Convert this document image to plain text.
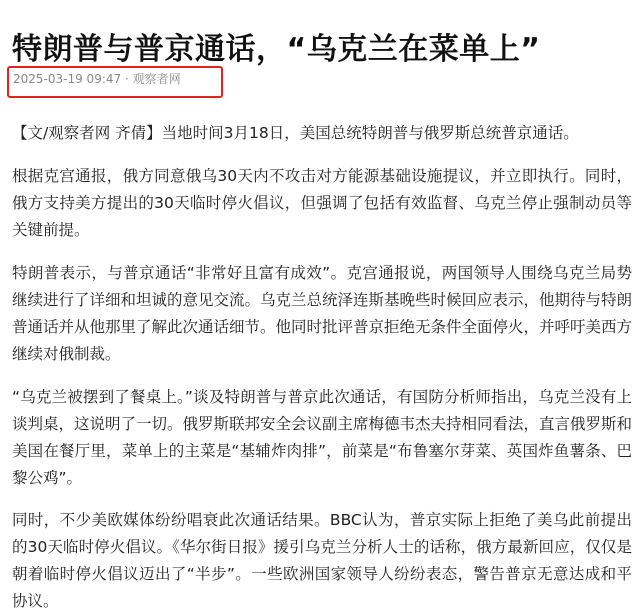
特朗普与普京通话，“乌克兰在菜单上”
2025-03-19 09:47 · 观察者网

【文/观察者网 齐倩】当地时间3月18日，美国总统特朗普与俄罗斯总统普京通话。

根据克宫通报，俄方同意俄乌30天内不攻击对方能源基础设施提议，并立即执行。同时，俄方支持美方提出的30天临时停火倡议，但强调了包括有效监督、乌克兰停止强制动员等关键前提。

特朗普表示，与普京通话“非常好且富有成效”。克宫通报说，两国领导人围绕乌克兰局势继续进行了详细和坦诚的意见交流。乌克兰总统泽连斯基晚些时候回应表示，他期待与特朗普通话并从他那里了解此次通话细节。他同时批评普京拒绝无条件全面停火，并呼吁美西方继续对俄制裁。

“乌克兰被摆到了餐桌上。”谈及特朗普与普京此次通话，有国防分析师指出，乌克兰没有上谈判桌，这说明了一切。俄罗斯联邦安全会议副主席梅德韦杰夫持相同看法，直言俄罗斯和美国在餐厅里，菜单上的主菜是“基辅炸肉排”，前菜是“布鲁塞尔芽菜、英国炸鱼薯条、巴黎公鸡”。

同时，不少美欧媒体纷纷唱衰此次通话结果。BBC认为，普京实际上拒绝了美乌此前提出的30天临时停火倡议。《华尔街日报》援引乌克兰分析人士的话称，俄方最新回应，仅仅是朝着临时停火倡议迈出了“半步”。一些欧洲国家领导人纷纷表态，警告普京无意达成和平协议。
